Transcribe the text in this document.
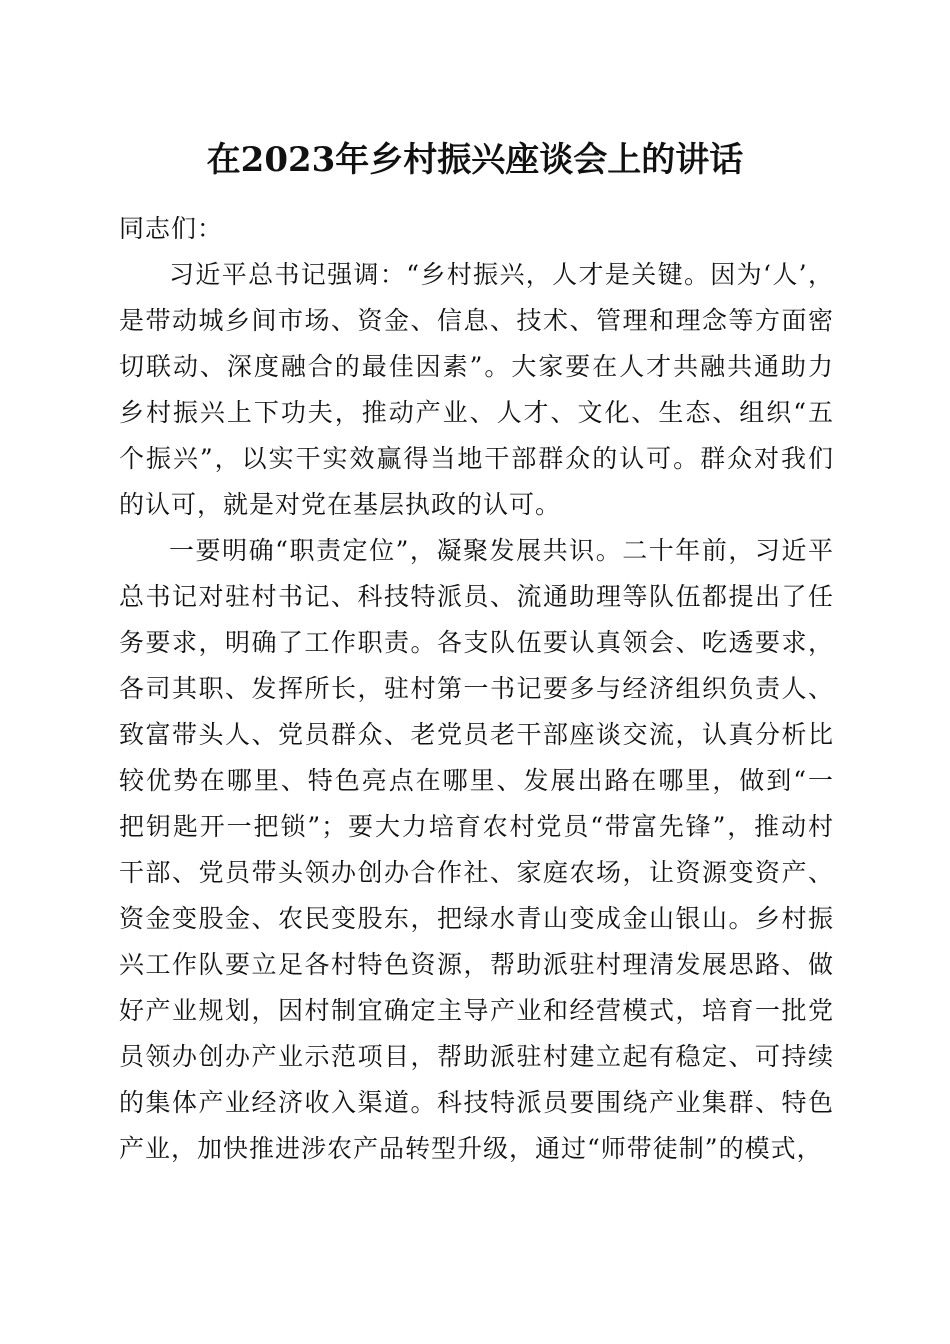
在2023年乡村振兴座谈会上的讲话

同志们：

习近平总书记强调：“乡村振兴，人才是关键。因为‘人’，是带动城乡间市场、资金、信息、技术、管理和理念等方面密切联动、深度融合的最佳因素”。大家要在人才共融共通助力乡村振兴上下功夫，推动产业、人才、文化、生态、组织“五个振兴”，以实干实效赢得当地干部群众的认可。群众对我们的认可，就是对党在基层执政的认可。

一要明确“职责定位”，凝聚发展共识。二十年前，习近平总书记对驻村书记、科技特派员、流通助理等队伍都提出了任务要求，明确了工作职责。各支队伍要认真领会、吃透要求，各司其职、发挥所长，驻村第一书记要多与经济组织负责人、致富带头人、党员群众、老党员老干部座谈交流，认真分析比较优势在哪里、特色亮点在哪里、发展出路在哪里，做到“一把钥匙开一把锁”；要大力培育农村党员“带富先锋”，推动村干部、党员带头领办创办合作社、家庭农场，让资源变资产、资金变股金、农民变股东，把绿水青山变成金山银山。乡村振兴工作队要立足各村特色资源，帮助派驻村理清发展思路、做好产业规划，因村制宜确定主导产业和经营模式，培育一批党员领办创办产业示范项目，帮助派驻村建立起有稳定、可持续的集体产业经济收入渠道。科技特派员要围绕产业集群、特色产业，加快推进涉农产品转型升级，通过“师带徒制”的模式，
